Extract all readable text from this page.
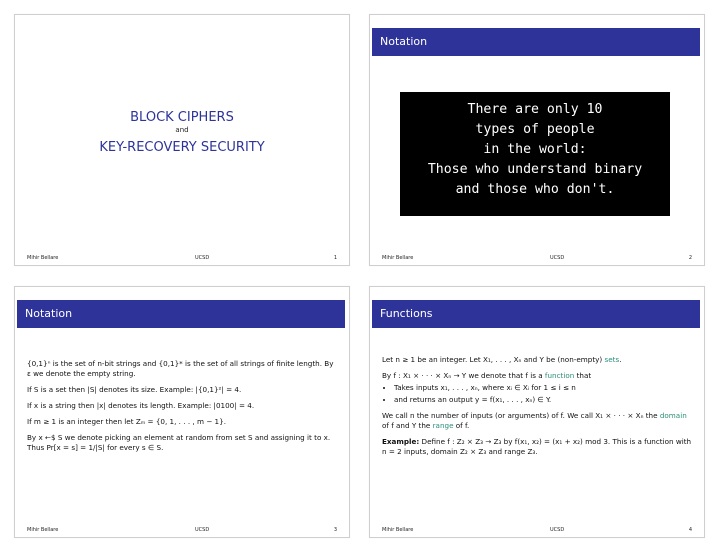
BLOCK CIPHERS
and
KEY-RECOVERY SECURITY
Mihir Bellare	UCSD	1
Notation
There are only 10
types of people
in the world:
Those who understand binary
and those who don't.
Mihir Bellare	UCSD	2
Notation

{0,1}ⁿ is the set of n-bit strings and {0,1}* is the set of all strings of finite length. By ε we denote the empty string.

If S is a set then |S| denotes its size. Example: |{0,1}²| = 4.

If x is a string then |x| denotes its length. Example: |0100| = 4.

If m ≥ 1 is an integer then let Zₘ = {0, 1, . . . , m − 1}.

By x ←$ S we denote picking an element at random from set S and assigning it to x. Thus Pr[x = s] = 1/|S| for every s ∈ S.

Mihir Bellare	UCSD	3
Functions

Let n ≥ 1 be an integer. Let X₁, . . . , Xₙ and Y be (non-empty) sets.

By f : X₁ × · · · × Xₙ → Y we denote that f is a function that

• Takes inputs x₁, . . . , xₙ, where xᵢ ∈ Xᵢ for 1 ≤ i ≤ n
• and returns an output y = f(x₁, . . . , xₙ) ∈ Y.

We call n the number of inputs (or arguments) of f. We call X₁ × · · · × Xₙ the domain of f and Y the range of f.

Example: Define f : Z₂ × Z₃ → Z₃ by f(x₁, x₂) = (x₁ + x₂) mod 3. This is a function with n = 2 inputs, domain Z₂ × Z₃ and range Z₃.

Mihir Bellare	UCSD	4
